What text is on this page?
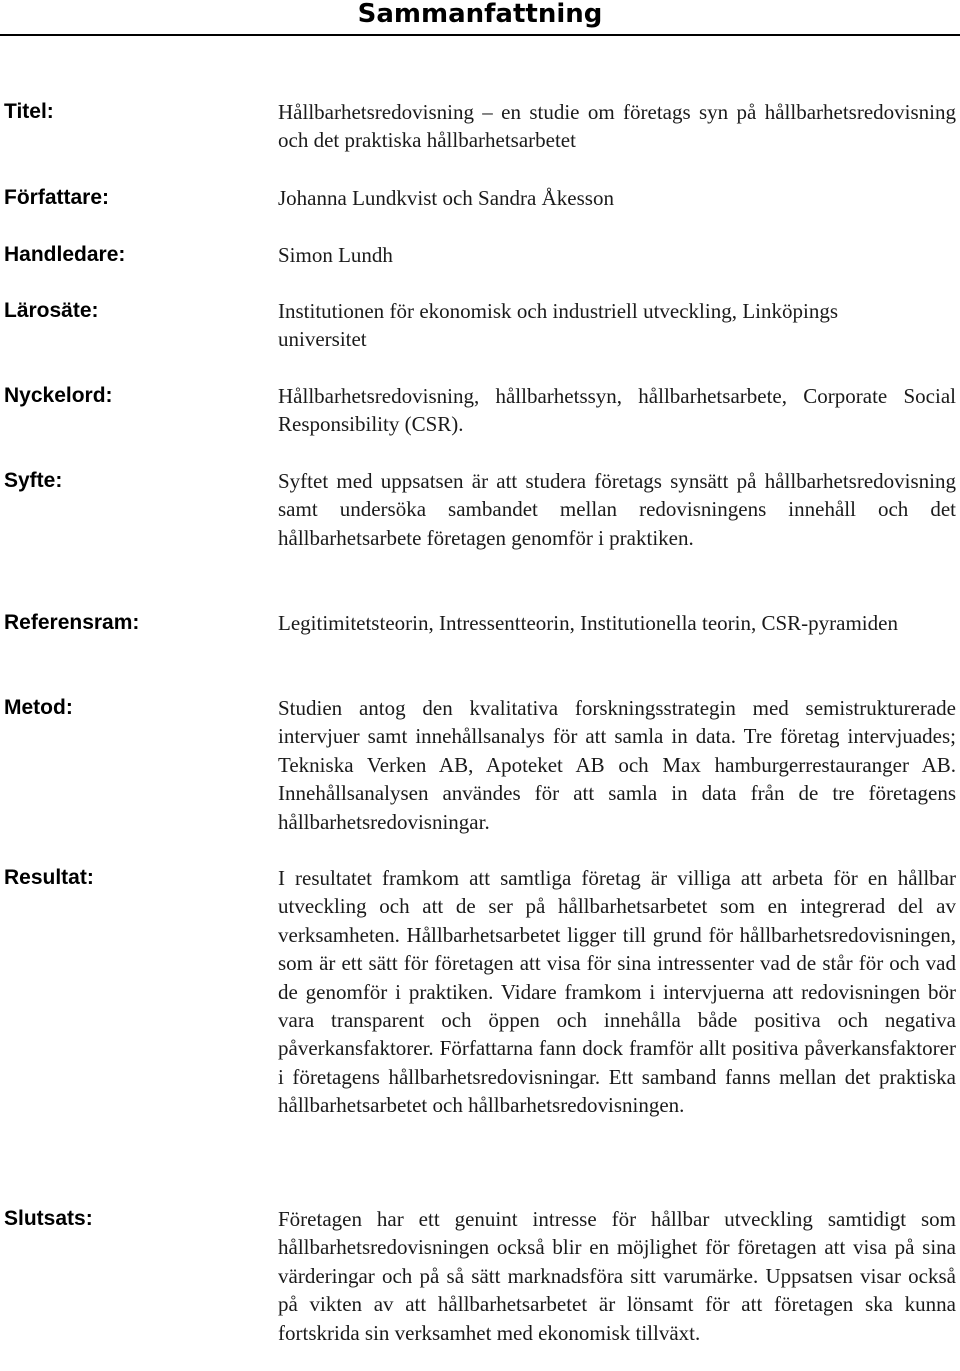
Sammanfattning
Titel:	Hållbarhetsredovisning – en studie om företags syn på hållbarhetsredovisning och det praktiska hållbarhetsarbetet
Författare:	Johanna Lundkvist och Sandra Åkesson
Handledare:	Simon Lundh
Lärosäte:	Institutionen för ekonomisk och industriell utveckling, Linköpings universitet
Nyckelord:	Hållbarhetsredovisning, hållbarhetssyn, hållbarhetsarbete, Corporate Social Responsibility (CSR).
Syfte:	Syftet med uppsatsen är att studera företags synsätt på hållbarhetsredovisning samt undersöka sambandet mellan redovisningens innehåll och det hållbarhetsarbete företagen genomför i praktiken.
Referensram:	Legitimitetsteorin, Intressentteorin, Institutionella teorin, CSR-pyramiden
Metod:	Studien antog den kvalitativa forskningsstrategin med semistrukturerade intervjuer samt innehållsanalys för att samla in data. Tre företag intervjuades; Tekniska Verken AB, Apoteket AB och Max hamburgerrestauranger AB. Innehållsanalysen användes för att samla in data från de tre företagens hållbarhetsredovisningar.
Resultat:	I resultatet framkom att samtliga företag är villiga att arbeta för en hållbar utveckling och att de ser på hållbarhetsarbetet som en integrerad del av verksamheten. Hållbarhetsarbetet ligger till grund för hållbarhetsredovisningen, som är ett sätt för företagen att visa för sina intressenter vad de står för och vad de genomför i praktiken. Vidare framkom i intervjuerna att redovisningen bör vara transparent och öppen och innehålla både positiva och negativa påverkansfaktorer. Författarna fann dock framför allt positiva påverkansfaktorer i företagens hållbarhetsredovisningar. Ett samband fanns mellan det praktiska hållbarhetsarbetet och hållbarhetsredovisningen.
Slutsats:	Företagen har ett genuint intresse för hållbar utveckling samtidigt som hållbarhetsredovisningen också blir en möjlighet för företagen att visa på sina värderingar och på så sätt marknadsföra sitt varumärke. Uppsatsen visar också på vikten av att hållbarhetsarbetet är lönsamt för att företagen ska kunna fortskrida sin verksamhet med ekonomisk tillväxt.
